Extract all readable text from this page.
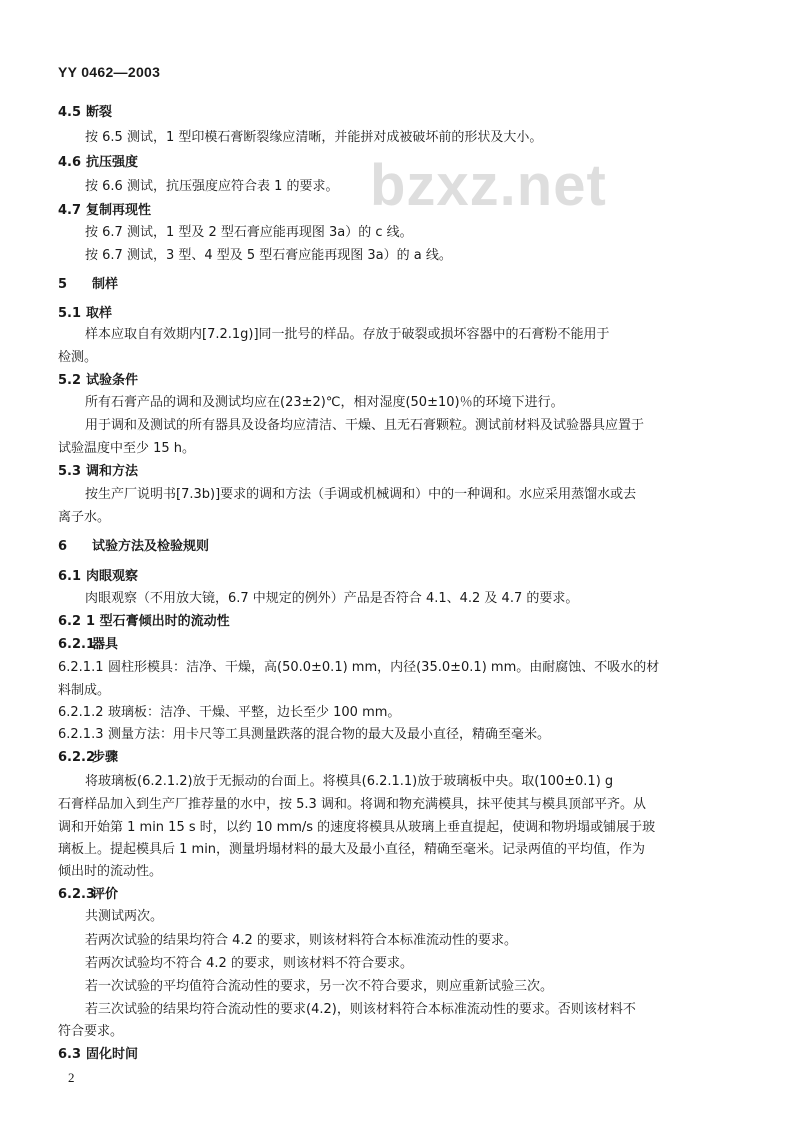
YY 0462—2003
bzxz.net
4.5 断裂
按 6.5 测试，1 型印模石膏断裂缘应清晰，并能拼对成被破坏前的形状及大小。
4.6 抗压强度
按 6.6 测试，抗压强度应符合表 1 的要求。
4.7 复制再现性
按 6.7 测试，1 型及 2 型石膏应能再现图 3a）的 c 线。
按 6.7 测试，3 型、4 型及 5 型石膏应能再现图 3a）的 a 线。
5 制样
5.1 取样
样本应取自有效期内[7.2.1g)]同一批号的样品。存放于破裂或损坏容器中的石膏粉不能用于
检测。
5.2 试验条件
所有石膏产品的调和及测试均应在(23±2)℃，相对湿度(50±10)％的环境下进行。
用于调和及测试的所有器具及设备均应清洁、干燥、且无石膏颗粒。测试前材料及试验器具应置于
试验温度中至少 15 h。
5.3 调和方法
按生产厂说明书[7.3b)]要求的调和方法（手调或机械调和）中的一种调和。水应采用蒸馏水或去
离子水。
6 试验方法及检验规则
6.1 肉眼观察
肉眼观察（不用放大镜，6.7 中规定的例外）产品是否符合 4.1、4.2 及 4.7 的要求。
6.2 1 型石膏倾出时的流动性
6.2.1器具
6.2.1.1 圆柱形模具：洁净、干燥，高(50.0±0.1) mm，内径(35.0±0.1) mm。由耐腐蚀、不吸水的材
料制成。
6.2.1.2 玻璃板：洁净、干燥、平整，边长至少 100 mm。
6.2.1.3 测量方法：用卡尺等工具测量跌落的混合物的最大及最小直径，精确至毫米。
6.2.2步骤
将玻璃板(6.2.1.2)放于无振动的台面上。将模具(6.2.1.1)放于玻璃板中央。取(100±0.1) g
石膏样品加入到生产厂推荐量的水中，按 5.3 调和。将调和物充满模具，抹平使其与模具顶部平齐。从
调和开始第 1 min 15 s 时，以约 10 mm/s 的速度将模具从玻璃上垂直提起，使调和物坍塌或铺展于玻
璃板上。提起模具后 1 min，测量坍塌材料的最大及最小直径，精确至毫米。记录两值的平均值，作为
倾出时的流动性。
6.2.3评价
共测试两次。
若两次试验的结果均符合 4.2 的要求，则该材料符合本标准流动性的要求。
若两次试验均不符合 4.2 的要求，则该材料不符合要求。
若一次试验的平均值符合流动性的要求，另一次不符合要求，则应重新试验三次。
若三次试验的结果均符合流动性的要求(4.2)，则该材料符合本标准流动性的要求。否则该材料不
符合要求。
6.3 固化时间
2
